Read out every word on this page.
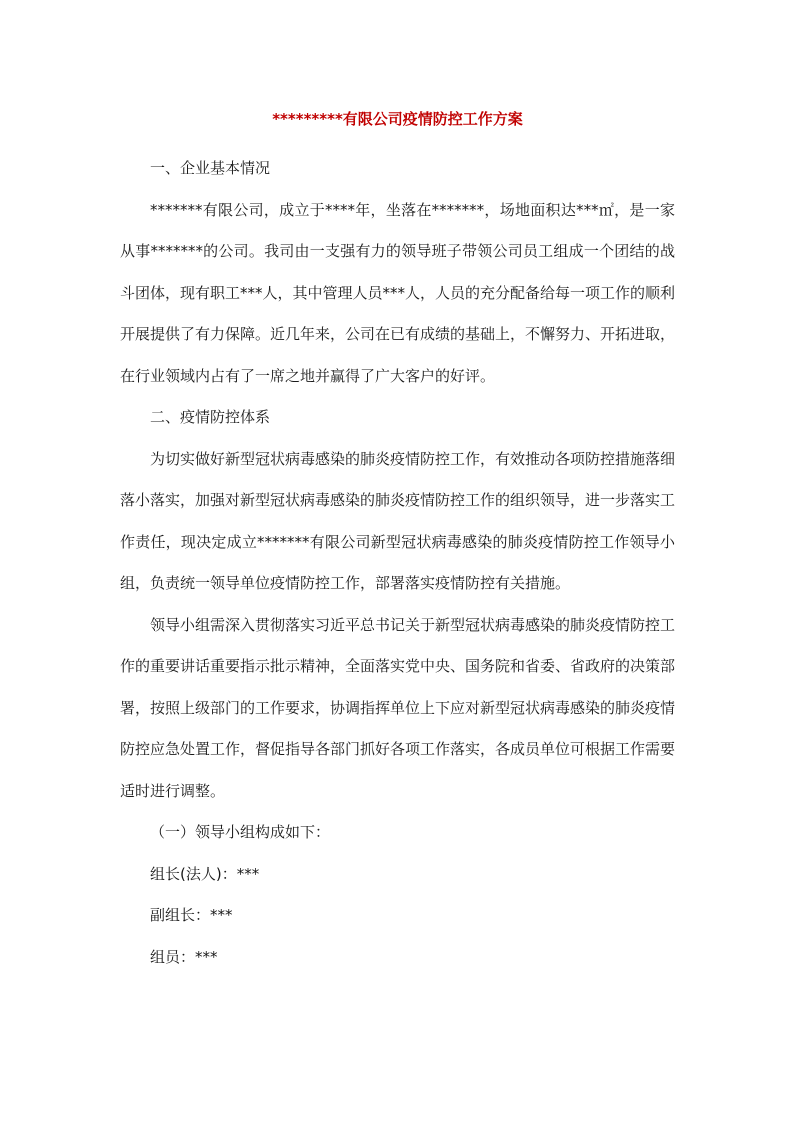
*********有限公司疫情防控工作方案

一、企业基本情况

*******有限公司，成立于****年，坐落在*******，场地面积达***㎡，是一家从事*******的公司。我司由一支强有力的领导班子带领公司员工组成一个团结的战斗团体，现有职工***人，其中管理人员***人，人员的充分配备给每一项工作的顺利开展提供了有力保障。近几年来，公司在已有成绩的基础上，不懈努力、开拓进取，在行业领域内占有了一席之地并赢得了广大客户的好评。

二、疫情防控体系

为切实做好新型冠状病毒感染的肺炎疫情防控工作，有效推动各项防控措施落细落小落实，加强对新型冠状病毒感染的肺炎疫情防控工作的组织领导，进一步落实工作责任，现决定成立*******有限公司新型冠状病毒感染的肺炎疫情防控工作领导小组，负责统一领导单位疫情防控工作，部署落实疫情防控有关措施。

领导小组需深入贯彻落实习近平总书记关于新型冠状病毒感染的肺炎疫情防控工作的重要讲话重要指示批示精神，全面落实党中央、国务院和省委、省政府的决策部署，按照上级部门的工作要求，协调指挥单位上下应对新型冠状病毒感染的肺炎疫情防控应急处置工作，督促指导各部门抓好各项工作落实，各成员单位可根据工作需要适时进行调整。

（一）领导小组构成如下：

组长(法人)：***

副组长：***

组员：***
